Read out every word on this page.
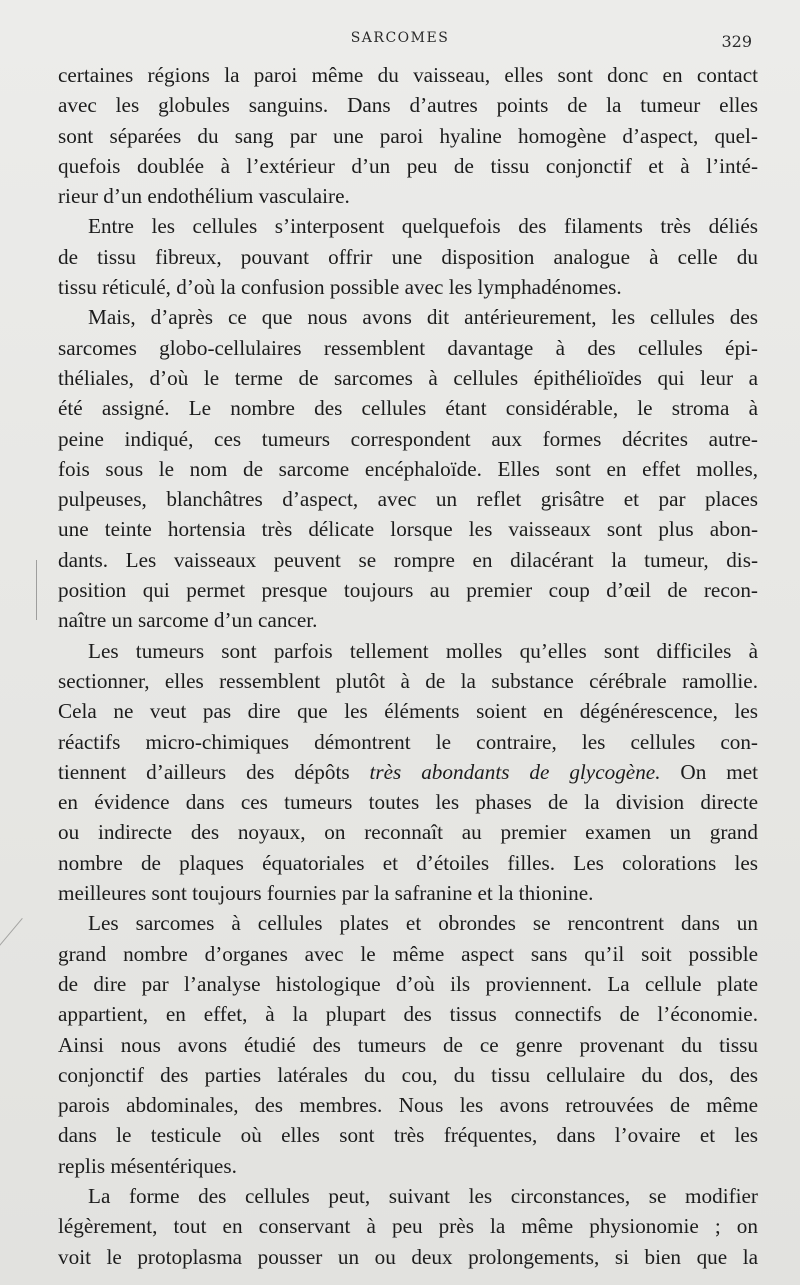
SARCOMES	329

certaines régions la paroi même du vaisseau, elles sont donc en contact
avec les globules sanguins. Dans d’autres points de la tumeur elles
sont séparées du sang par une paroi hyaline homogène d’aspect, quel-
quefois doublée à l’extérieur d’un peu de tissu conjonctif et à l’inté-
rieur d’un endothélium vasculaire.

Entre les cellules s’interposent quelquefois des filaments très déliés
de tissu fibreux, pouvant offrir une disposition analogue à celle du
tissu réticulé, d’où la confusion possible avec les lymphadénomes.

Mais, d’après ce que nous avons dit antérieurement, les cellules des
sarcomes globo-cellulaires ressemblent davantage à des cellules épi-
théliales, d’où le terme de sarcomes à cellules épithélioïdes qui leur a
été assigné. Le nombre des cellules étant considérable, le stroma à
peine indiqué, ces tumeurs correspondent aux formes décrites autre-
fois sous le nom de sarcome encéphaloïde. Elles sont en effet molles,
pulpeuses, blanchâtres d’aspect, avec un reflet grisâtre et par places
une teinte hortensia très délicate lorsque les vaisseaux sont plus abon-
dants. Les vaisseaux peuvent se rompre en dilacérant la tumeur, dis-
position qui permet presque toujours au premier coup d’œil de recon-
naître un sarcome d’un cancer.

Les tumeurs sont parfois tellement molles qu’elles sont difficiles à
sectionner, elles ressemblent plutôt à de la substance cérébrale ramollie.
Cela ne veut pas dire que les éléments soient en dégénérescence, les
réactifs micro-chimiques démontrent le contraire, les cellules con-
tiennent d’ailleurs des dépôts très abondants de glycogène. On met
en évidence dans ces tumeurs toutes les phases de la division directe
ou indirecte des noyaux, on reconnaît au premier examen un grand
nombre de plaques équatoriales et d’étoiles filles. Les colorations les
meilleures sont toujours fournies par la safranine et la thionine.

Les sarcomes à cellules plates et obrondes se rencontrent dans un
grand nombre d’organes avec le même aspect sans qu’il soit possible
de dire par l’analyse histologique d’où ils proviennent. La cellule plate
appartient, en effet, à la plupart des tissus connectifs de l’économie.
Ainsi nous avons étudié des tumeurs de ce genre provenant du tissu
conjonctif des parties latérales du cou, du tissu cellulaire du dos, des
parois abdominales, des membres. Nous les avons retrouvées de même
dans le testicule où elles sont très fréquentes, dans l’ovaire et les
replis mésentériques.

La forme des cellules peut, suivant les circonstances, se modifier
légèrement, tout en conservant à peu près la même physionomie ; on
voit le protoplasma pousser un ou deux prolongements, si bien que la
